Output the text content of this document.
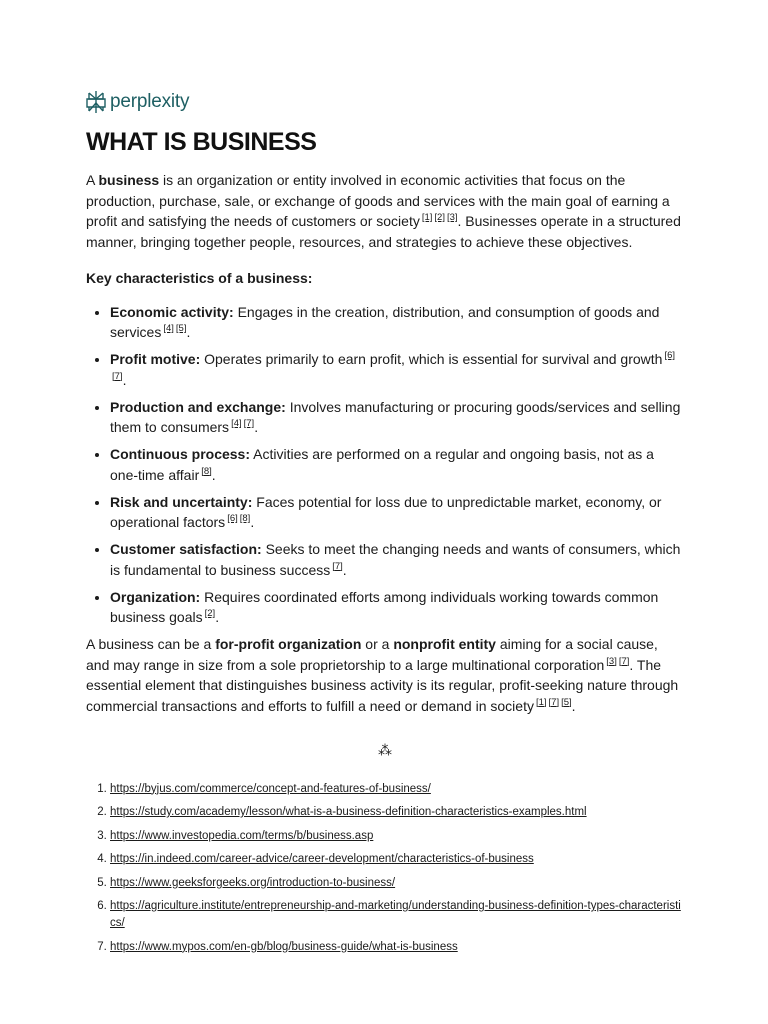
perplexity
WHAT IS BUSINESS

A business is an organization or entity involved in economic activities that focus on the production, purchase, sale, or exchange of goods and services with the main goal of earning a profit and satisfying the needs of customers or society [1] [2] [3]. Businesses operate in a structured manner, bringing together people, resources, and strategies to achieve these objectives.

Key characteristics of a business:

• Economic activity: Engages in the creation, distribution, and consumption of goods and services [4] [5].
• Profit motive: Operates primarily to earn profit, which is essential for survival and growth [6][7].
• Production and exchange: Involves manufacturing or procuring goods/services and selling them to consumers [4] [7].
• Continuous process: Activities are performed on a regular and ongoing basis, not as a one-time affair [8].
• Risk and uncertainty: Faces potential for loss due to unpredictable market, economy, or operational factors [6] [8].
• Customer satisfaction: Seeks to meet the changing needs and wants of consumers, which is fundamental to business success [7].
• Organization: Requires coordinated efforts among individuals working towards common business goals [2].

A business can be a for-profit organization or a nonprofit entity aiming for a social cause, and may range in size from a sole proprietorship to a large multinational corporation [3] [7]. The essential element that distinguishes business activity is its regular, profit-seeking nature through commercial transactions and efforts to fulfill a need or demand in society [1] [7] [5].

⁂
1. https://byjus.com/commerce/concept-and-features-of-business/
2. https://study.com/academy/lesson/what-is-a-business-definition-characteristics-examples.html
3. https://www.investopedia.com/terms/b/business.asp
4. https://in.indeed.com/career-advice/career-development/characteristics-of-business
5. https://www.geeksforgeeks.org/introduction-to-business/
6. https://agriculture.institute/entrepreneurship-and-marketing/understanding-business-definition-types-characteristics/
7. https://www.mypos.com/en-gb/blog/business-guide/what-is-business
